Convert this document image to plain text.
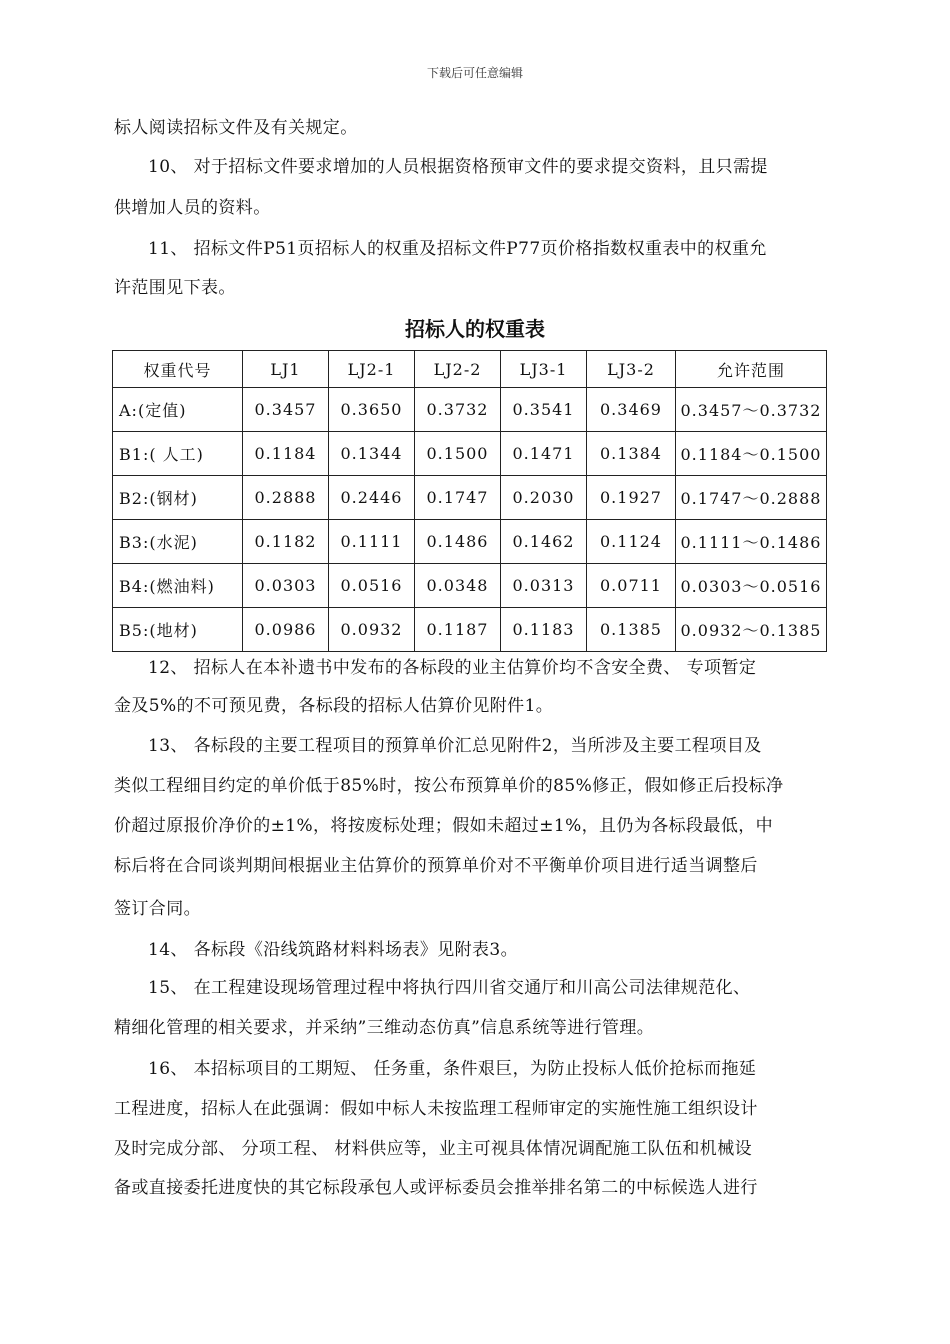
下载后可任意编辑
标人阅读招标文件及有关规定。
10、 对于招标文件要求增加的人员根据资格预审文件的要求提交资料，且只需提
供增加人员的资料。
11、 招标文件P51页招标人的权重及招标文件P77页价格指数权重表中的权重允
许范围见下表。
招标人的权重表
权重代号	LJ1	LJ2-1	LJ2-2	LJ3-1	LJ3-2	允许范围
A:(定值)	0.3457	0.3650	0.3732	0.3541	0.3469	0.3457～0.3732
B1:( 人工)	0.1184	0.1344	0.1500	0.1471	0.1384	0.1184～0.1500
B2:(钢材)	0.2888	0.2446	0.1747	0.2030	0.1927	0.1747～0.2888
B3:(水泥)	0.1182	0.1111	0.1486	0.1462	0.1124	0.1111～0.1486
B4:(燃油料)	0.0303	0.0516	0.0348	0.0313	0.0711	0.0303～0.0516
B5:(地材)	0.0986	0.0932	0.1187	0.1183	0.1385	0.0932～0.1385
12、 招标人在本补遗书中发布的各标段的业主估算价均不含安全费、 专项暂定
金及5%的不可预见费，各标段的招标人估算价见附件1。
13、 各标段的主要工程项目的预算单价汇总见附件2，当所涉及主要工程项目及
类似工程细目约定的单价低于85%时，按公布预算单价的85%修正，假如修正后投标净
价超过原报价净价的±1%，将按废标处理；假如未超过±1%，且仍为各标段最低，中
标后将在合同谈判期间根据业主估算价的预算单价对不平衡单价项目进行适当调整后
签订合同。
14、 各标段《沿线筑路材料料场表》见附表3。
15、 在工程建设现场管理过程中将执行四川省交通厅和川高公司法律规范化、
精细化管理的相关要求，并采纳”三维动态仿真”信息系统等进行管理。
16、 本招标项目的工期短、 任务重，条件艰巨，为防止投标人低价抢标而拖延
工程进度，招标人在此强调：假如中标人未按监理工程师审定的实施性施工组织设计
及时完成分部、 分项工程、 材料供应等，业主可视具体情况调配施工队伍和机械设
备或直接委托进度快的其它标段承包人或评标委员会推举排名第二的中标候选人进行
